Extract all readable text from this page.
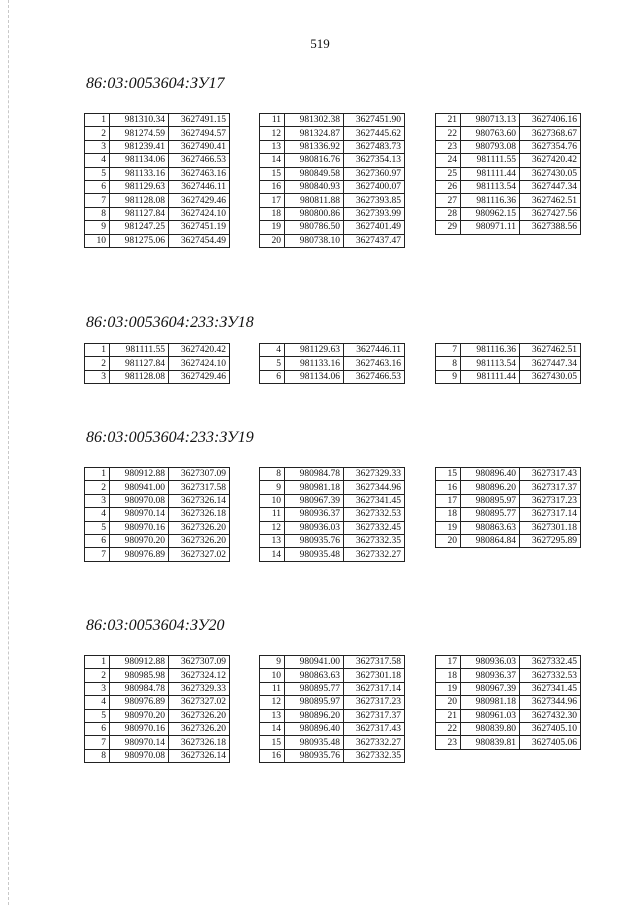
519
86:03:0053604:ЗУ17
1	981310.34	3627491.15
2	981274.59	3627494.57
3	981239.41	3627490.41
4	981134.06	3627466.53
5	981133.16	3627463.16
6	981129.63	3627446.11
7	981128.08	3627429.46
8	981127.84	3627424.10
9	981247.25	3627451.19
10	981275.06	3627454.49
11	981302.38	3627451.90
12	981324.87	3627445.62
13	981336.92	3627483.73
14	980816.76	3627354.13
15	980849.58	3627360.97
16	980840.93	3627400.07
17	980811.88	3627393.85
18	980800.86	3627393.99
19	980786.50	3627401.49
20	980738.10	3627437.47
21	980713.13	3627406.16
22	980763.60	3627368.67
23	980793.08	3627354.76
24	981111.55	3627420.42
25	981111.44	3627430.05
26	981113.54	3627447.34
27	981116.36	3627462.51
28	980962.15	3627427.56
29	980971.11	3627388.56
86:03:0053604:233:ЗУ18
1	981111.55	3627420.42
2	981127.84	3627424.10
3	981128.08	3627429.46
4	981129.63	3627446.11
5	981133.16	3627463.16
6	981134.06	3627466.53
7	981116.36	3627462.51
8	981113.54	3627447.34
9	981111.44	3627430.05
86:03:0053604:233:ЗУ19
1	980912.88	3627307.09
2	980941.00	3627317.58
3	980970.08	3627326.14
4	980970.14	3627326.18
5	980970.16	3627326.20
6	980970.20	3627326.20
7	980976.89	3627327.02
8	980984.78	3627329.33
9	980981.18	3627344.96
10	980967.39	3627341.45
11	980936.37	3627332.53
12	980936.03	3627332.45
13	980935.76	3627332.35
14	980935.48	3627332.27
15	980896.40	3627317.43
16	980896.20	3627317.37
17	980895.97	3627317.23
18	980895.77	3627317.14
19	980863.63	3627301.18
20	980864.84	3627295.89
86:03:0053604:ЗУ20
1	980912.88	3627307.09
2	980985.98	3627324.12
3	980984.78	3627329.33
4	980976.89	3627327.02
5	980970.20	3627326.20
6	980970.16	3627326.20
7	980970.14	3627326.18
8	980970.08	3627326.14
9	980941.00	3627317.58
10	980863.63	3627301.18
11	980895.77	3627317.14
12	980895.97	3627317.23
13	980896.20	3627317.37
14	980896.40	3627317.43
15	980935.48	3627332.27
16	980935.76	3627332.35
17	980936.03	3627332.45
18	980936.37	3627332.53
19	980967.39	3627341.45
20	980981.18	3627344.96
21	980961.03	3627432.30
22	980839.80	3627405.10
23	980839.81	3627405.06
